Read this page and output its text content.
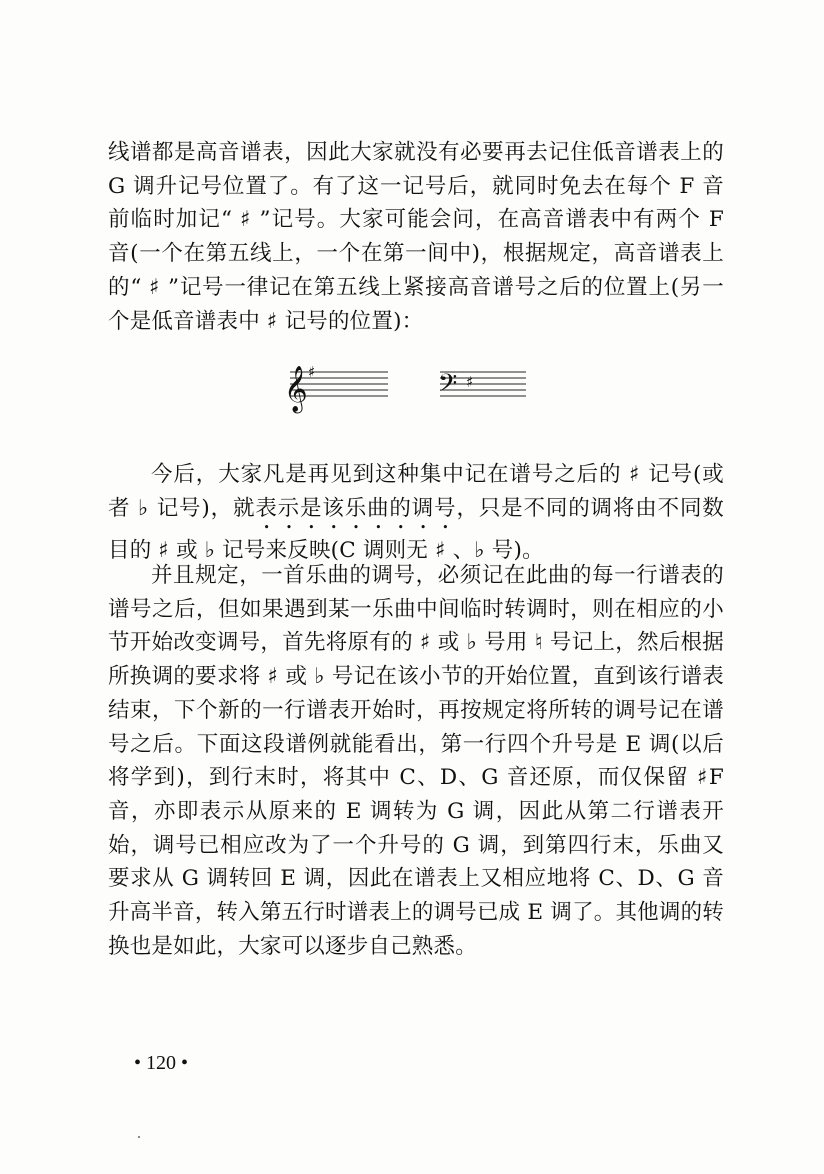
线谱都是高音谱表，因此大家就没有必要再去记住低音谱表上的G 调升记号位置了。有了这一记号后，就同时免去在每个 F 音前临时加记“ ♯ ”记号。大家可能会问，在高音谱表中有两个 F 音(一个在第五线上，一个在第一间中)，根据规定，高音谱表上的“ ♯ ”记号一律记在第五线上紧接高音谱号之后的位置上(另一个是低音谱表中 ♯ 记号的位置)：

𝄞 ♯	𝄢 ♯

今后，大家凡是再见到这种集中记在谱号之后的 ♯ 记号(或者 ♭ 记号)，就表示是该乐曲的调号，只是不同的调将由不同数目的 ♯ 或 ♭ 记号来反映(C 调则无 ♯ 、♭ 号)。

并且规定，一首乐曲的调号，必须记在此曲的每一行谱表的谱号之后，但如果遇到某一乐曲中间临时转调时，则在相应的小节开始改变调号，首先将原有的 ♯ 或 ♭ 号用 ♮ 号记上，然后根据所换调的要求将 ♯ 或 ♭ 号记在该小节的开始位置，直到该行谱表结束，下个新的一行谱表开始时，再按规定将所转的调号记在谱号之后。下面这段谱例就能看出，第一行四个升号是 E 调(以后将学到)，到行末时，将其中 C、D、G 音还原，而仅保留 ♯F 音，亦即表示从原来的 E 调转为 G 调，因此从第二行谱表开始，调号已相应改为了一个升号的 G 调，到第四行末，乐曲又要求从 G 调转回 E 调，因此在谱表上又相应地将 C、D、G 音升高半音，转入第五行时谱表上的调号已成 E 调了。其他调的转换也是如此，大家可以逐步自己熟悉。

• 120 •
